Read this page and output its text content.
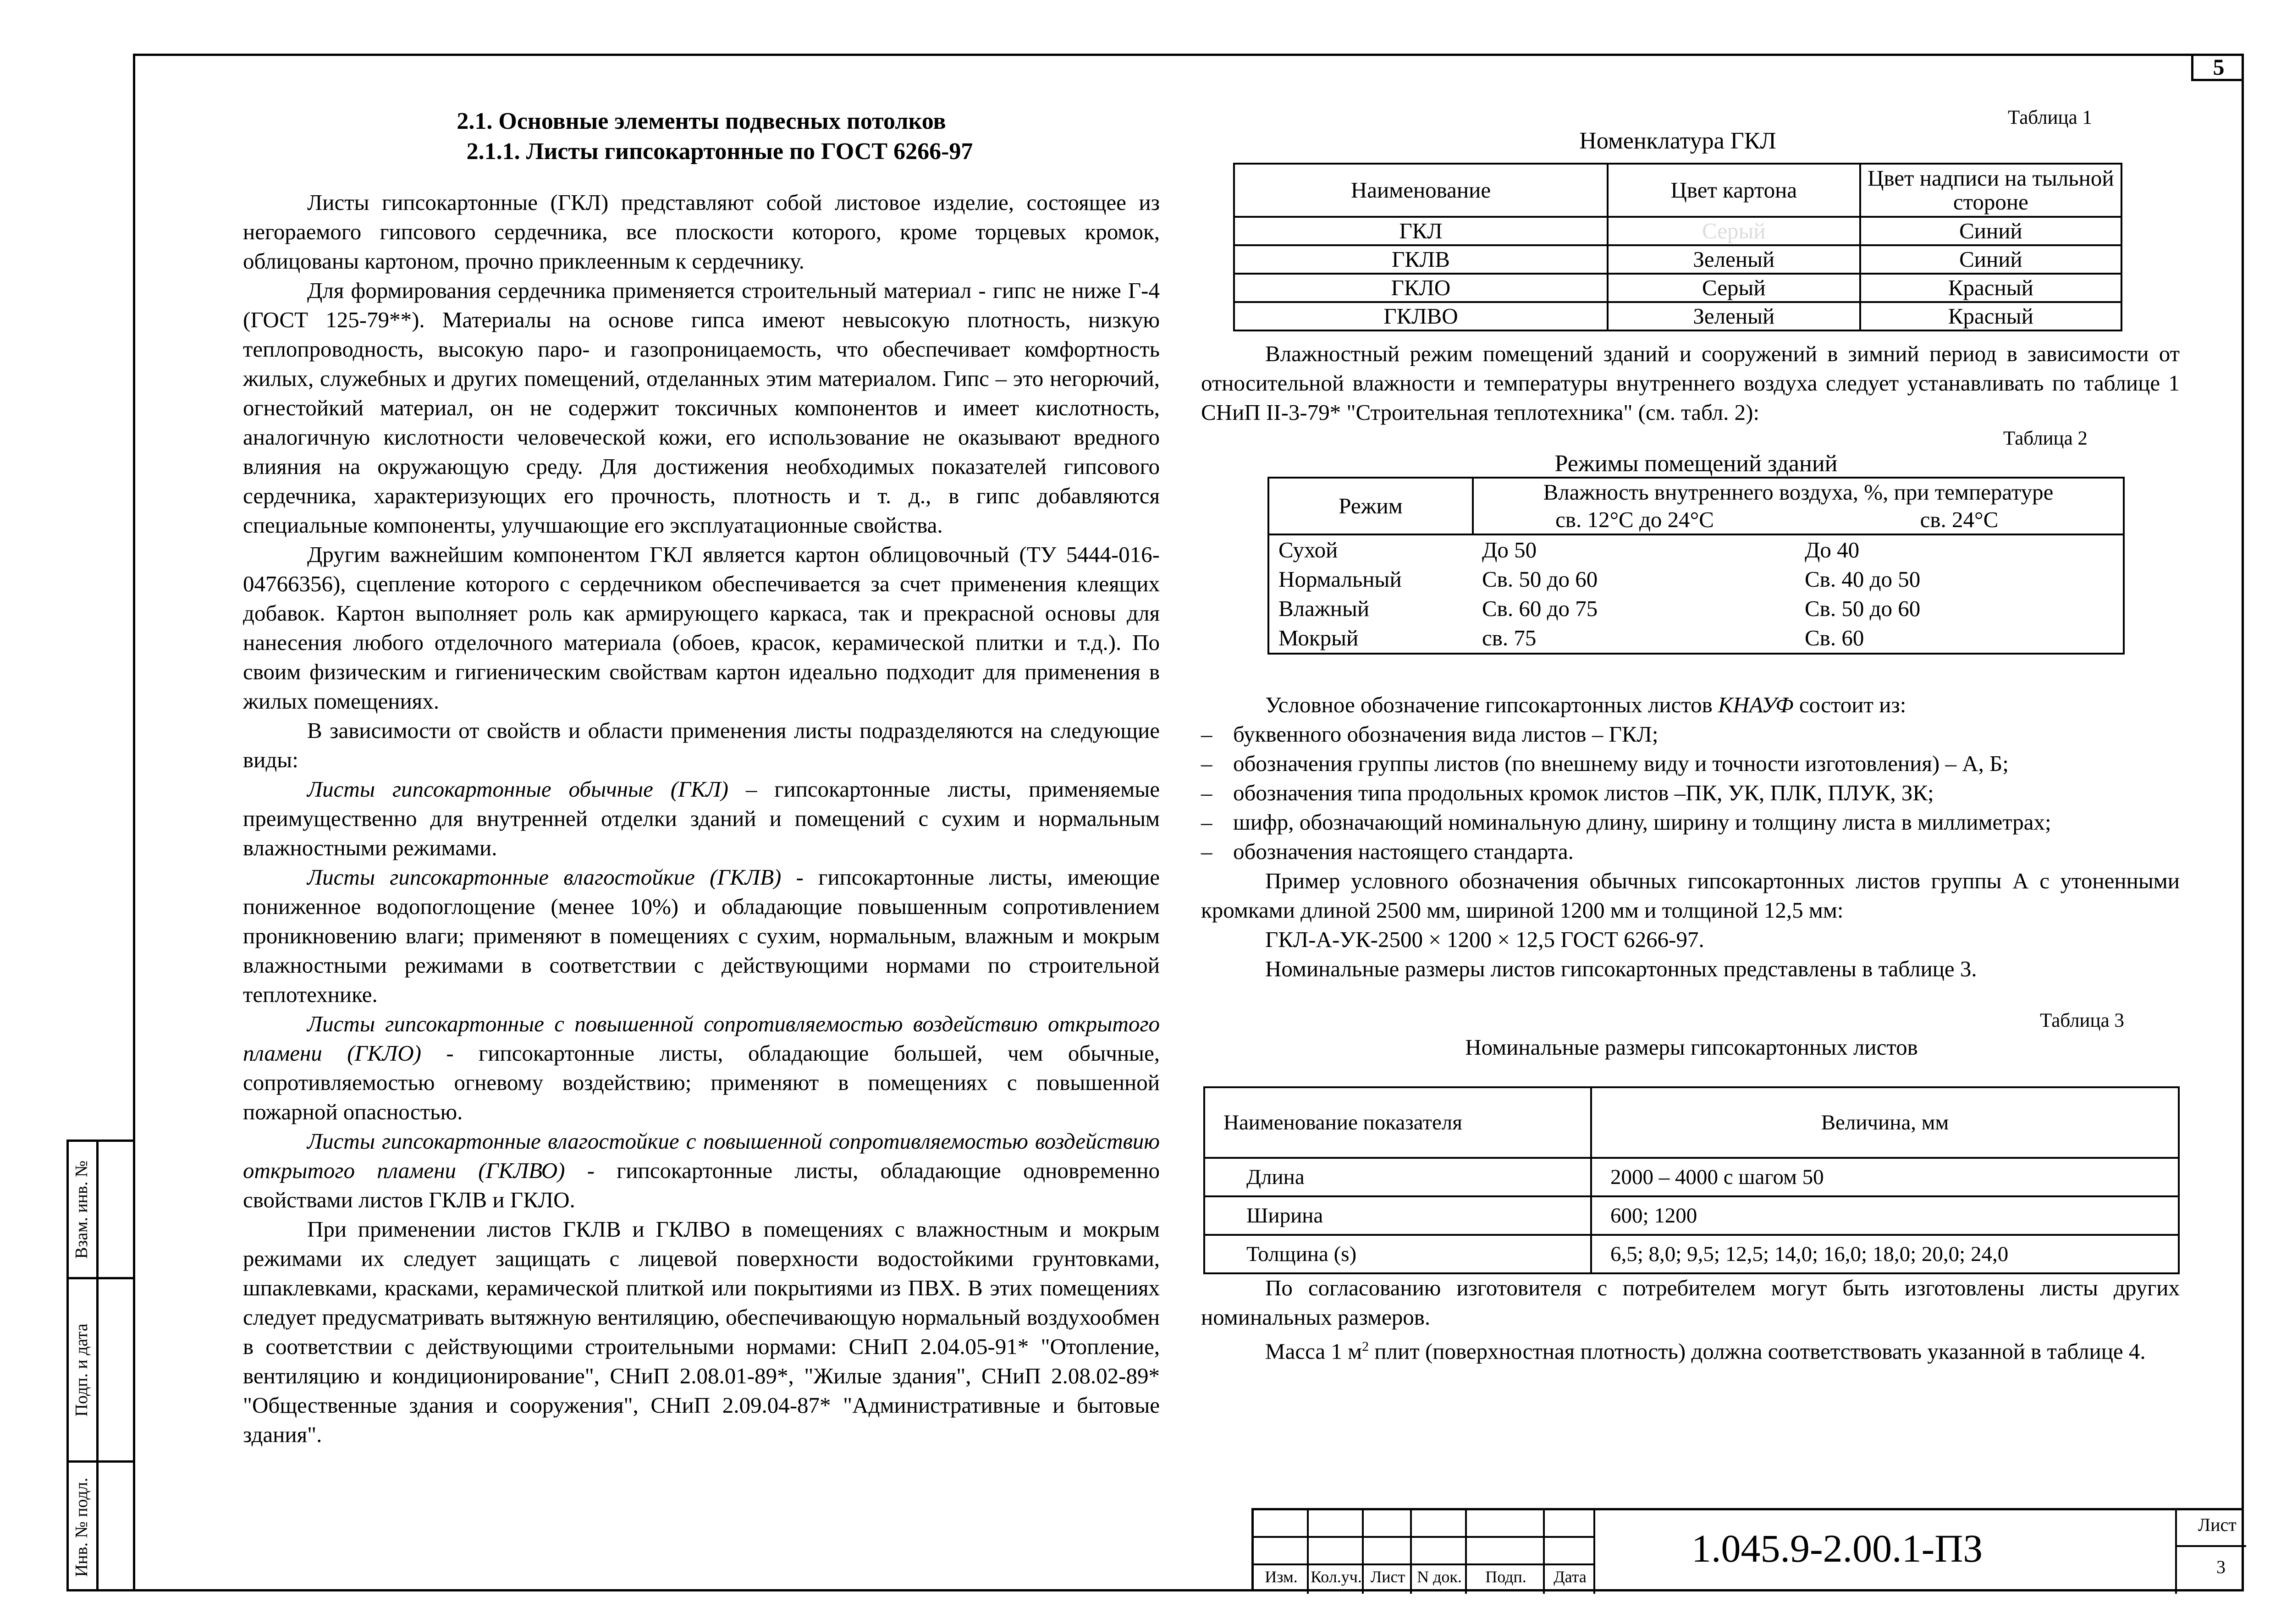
5
Взам. инв. №
Подп. и дата
Инв. № подл.
2.1. Основные элементы подвесных потолков
2.1.1. Листы гипсокартонные по ГОСТ 6266-97

Листы гипсокартонные (ГКЛ) представляют собой листовое изделие, состоящее из негораемого гипсового сердечника, все плоскости которого, кроме торцевых кромок, облицованы картоном, прочно приклеенным к сердечнику.

Для формирования сердечника применяется строительный материал - гипс не ниже Г-4 (ГОСТ 125-79**). Материалы на основе гипса имеют невысокую плотность, низкую теплопроводность, высокую паро- и газопроницаемость, что обеспечивает комфортность жилых, служебных и других помещений, отделанных этим материалом. Гипс – это негорючий, огнестойкий материал, он не содержит токсичных компонентов и имеет кислотность, аналогичную кислотности человеческой кожи, его использование не оказывают вредного влияния на окружающую среду. Для достижения необходимых показателей гипсового сердечника, характеризующих его прочность, плотность и т. д., в гипс добавляются специальные компоненты, улучшающие его эксплуатационные свойства.

Другим важнейшим компонентом ГКЛ является картон облицовочный (ТУ 5444-016-04766356), сцепление которого с сердечником обеспечивается за счет применения клеящих добавок. Картон выполняет роль как армирующего каркаса, так и прекрасной основы для нанесения любого отделочного материала (обоев, красок, керамической плитки и т.д.). По своим физическим и гигиеническим свойствам картон идеально подходит для применения в жилых помещениях.

В зависимости от свойств и области применения листы подразделяются на следующие виды:

Листы гипсокартонные обычные (ГКЛ) – гипсокартонные листы, применяемые преимущественно для внутренней отделки зданий и помещений с сухим и нормальным влажностными режимами.

Листы гипсокартонные влагостойкие (ГКЛВ) - гипсокартонные листы, имеющие пониженное водопоглощение (менее 10%) и обладающие повышенным сопротивлением проникновению влаги; применяют в помещениях с сухим, нормальным, влажным и мокрым влажностными режимами в соответствии с действующими нормами по строительной теплотехнике.

Листы гипсокартонные с повышенной сопротивляемостью воздействию открытого пламени (ГКЛО) - гипсокартонные листы, обладающие большей, чем обычные, сопротивляемостью огневому воздействию; применяют в помещениях с повышенной пожарной опасностью.

Листы гипсокартонные влагостойкие с повышенной сопротивляемостью воздействию открытого пламени (ГКЛВО) - гипсокартонные листы, обладающие одновременно свойствами листов ГКЛВ и ГКЛО.

При применении листов ГКЛВ и ГКЛВО в помещениях с влажностным и мокрым режимами их следует защищать с лицевой поверхности водостойкими грунтовками, шпаклевками, красками, керамической плиткой или покрытиями из ПВХ. В этих помещениях следует предусматривать вытяжную вентиляцию, обеспечивающую нормальный воздухообмен в соответствии с действующими строительными нормами: СНиП 2.04.05-91* "Отопление, вентиляцию и кондиционирование", СНиП 2.08.01-89*, "Жилые здания", СНиП 2.08.02-89* "Общественные здания и сооружения", СНиП 2.09.04-87* "Административные и бытовые здания".

Таблица 1
Номенклатура ГКЛ
Наименование	Цвет картона	Цвет надписи на тыльной стороне
ГКЛ	Серый	Синий
ГКЛВ	Зеленый	Синий
ГКЛО	Серый	Красный
ГКЛВО	Зеленый	Красный

Влажностный режим помещений зданий и сооружений в зимний период в зависимости от относительной влажности и температуры внутреннего воздуха следует устанавливать по таблице 1 СНиП II-3-79* "Строительная теплотехника" (см. табл. 2):

Таблица 2
Режимы помещений зданий
Режим	Влажность внутреннего воздуха, %, при температуре	
	св. 12°С до 24°С	св. 24°С
Сухой	До 50	До 40
Нормальный	Св. 50 до 60	Св. 40 до 50
Влажный	Св. 60 до 75	Св. 50 до 60
Мокрый	св. 75	Св. 60

Условное обозначение гипсокартонных листов КНАУФ состоит из:

– буквенного обозначения вида листов – ГКЛ;

– обозначения группы листов (по внешнему виду и точности изготовления) – А, Б;

– обозначения типа продольных кромок листов –ПК, УК, ПЛК, ПЛУК, ЗК;

– шифр, обозначающий номинальную длину, ширину и толщину листа в миллиметрах;

– обозначения настоящего стандарта.

Пример условного обозначения обычных гипсокартонных листов группы А с утоненными кромками длиной 2500 мм, шириной 1200 мм и толщиной 12,5 мм:

ГКЛ-А-УК-2500 × 1200 × 12,5 ГОСТ 6266-97.

Номинальные размеры листов гипсокартонных представлены в таблице 3.

Таблица 3
Номинальные размеры гипсокартонных листов
Наименование показателя	Величина, мм
Длина	2000 – 4000 с шагом 50
Ширина	600; 1200
Толщина (s)	6,5; 8,0; 9,5; 12,5; 14,0; 16,0; 18,0; 20,0; 24,0

По согласованию изготовителя с потребителем могут быть изготовлены листы других номинальных размеров.

Масса 1 $м^2$ плит (поверхностная плотность) должна соответствовать указанной в таблице 4.

Изм. Кол.уч. Лист N док.	Подп.	Дата
1.045.9-2.00.1-ПЗ
Лист
3
